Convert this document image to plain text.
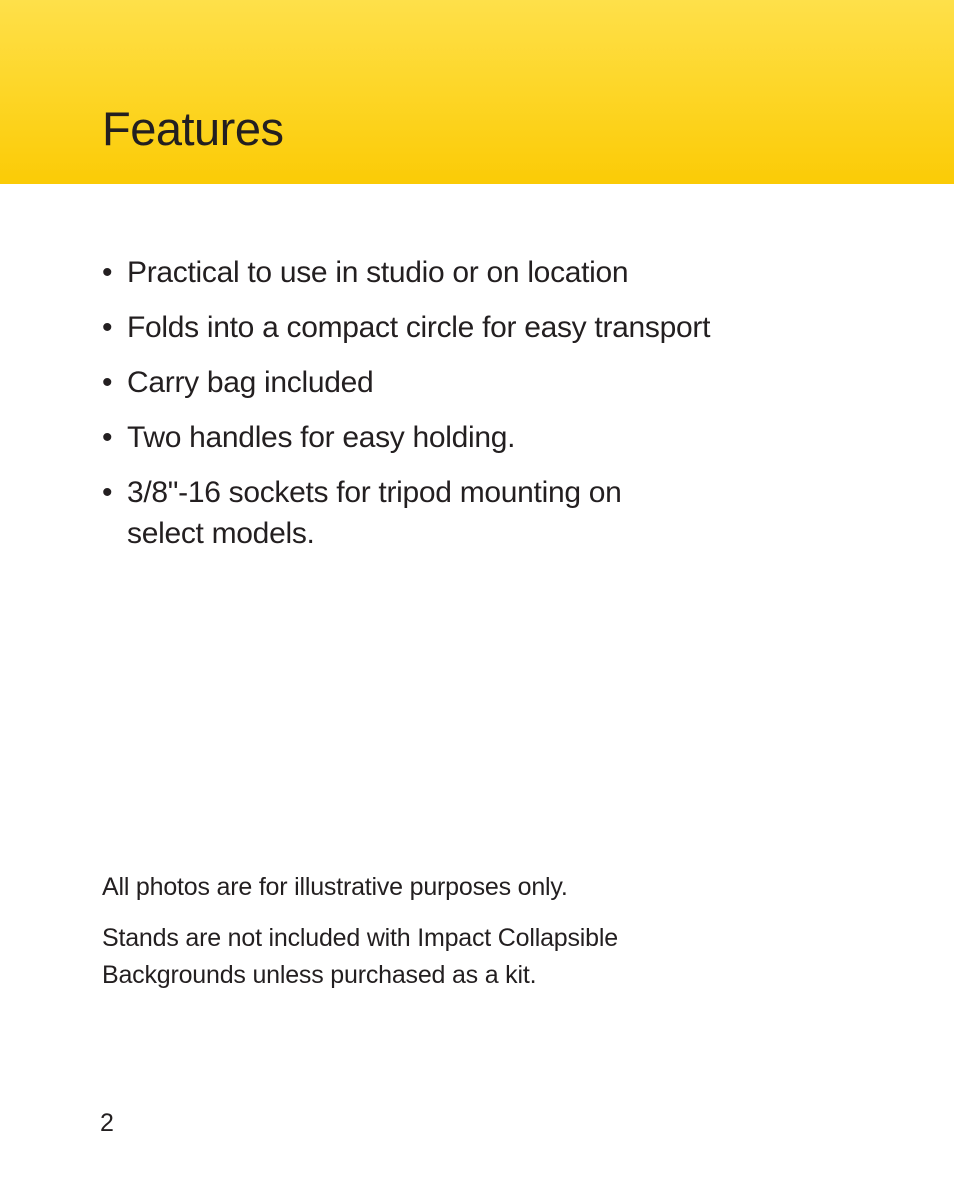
Features
• Practical to use in studio or on location
• Folds into a compact circle for easy transport
• Carry bag included
• Two handles for easy holding.
• 3/8"-16 sockets for tripod mounting on select models.

All photos are for illustrative purposes only.

Stands are not included with Impact Collapsible Backgrounds unless purchased as a kit.

2
